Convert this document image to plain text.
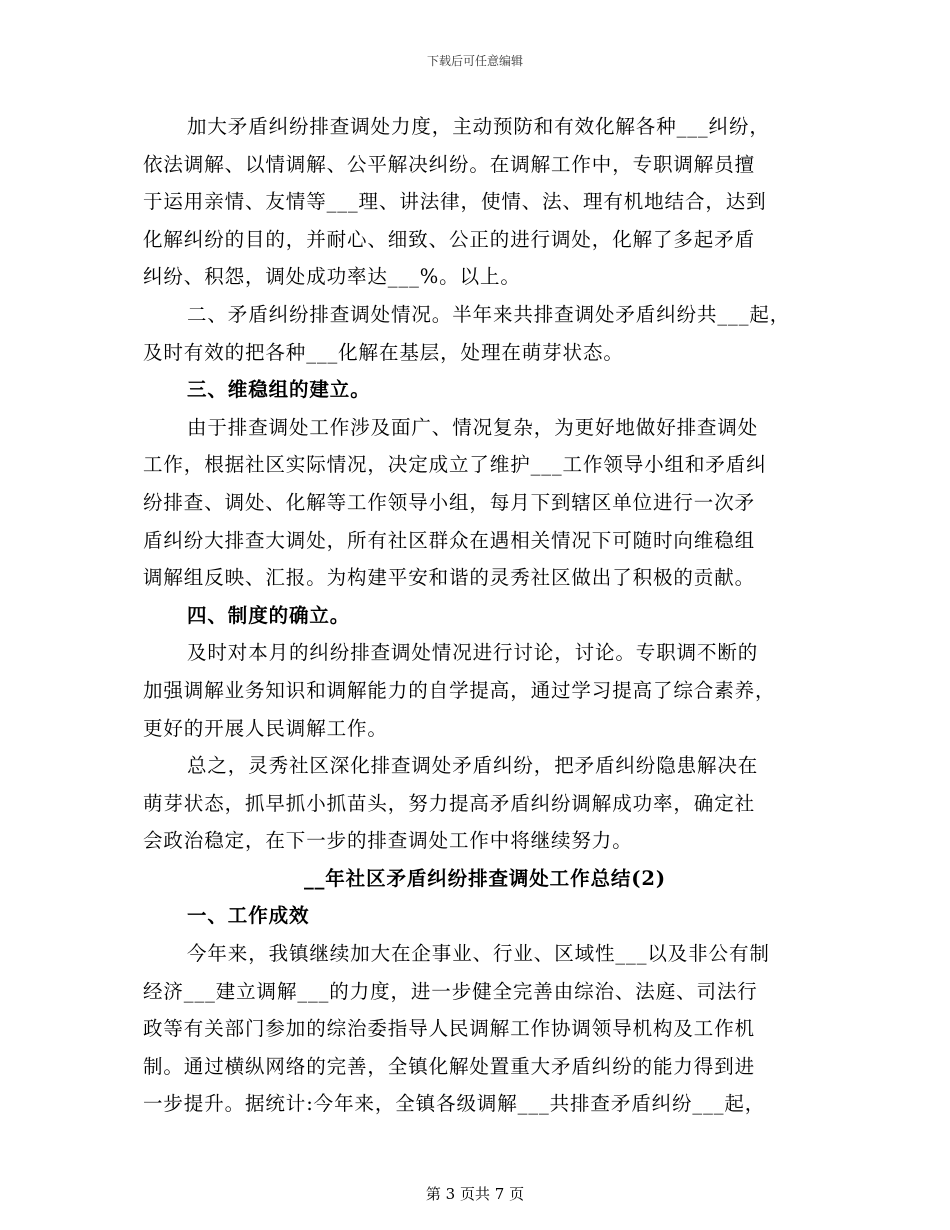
下载后可任意编辑
加大矛盾纠纷排查调处力度，主动预防和有效化解各种___纠纷，
依法调解、以情调解、公平解决纠纷。在调解工作中，专职调解员擅
于运用亲情、友情等___理、讲法律，使情、法、理有机地结合，达到
化解纠纷的目的，并耐心、细致、公正的进行调处，化解了多起矛盾
纠纷、积怨，调处成功率达___%。以上。
二、矛盾纠纷排查调处情况。半年来共排查调处矛盾纠纷共___起，
及时有效的把各种___化解在基层，处理在萌芽状态。
三、维稳组的建立。
由于排查调处工作涉及面广、情况复杂，为更好地做好排查调处
工作，根据社区实际情况，决定成立了维护___工作领导小组和矛盾纠
纷排查、调处、化解等工作领导小组，每月下到辖区单位进行一次矛
盾纠纷大排查大调处，所有社区群众在遇相关情况下可随时向维稳组
调解组反映、汇报。为构建平安和谐的灵秀社区做出了积极的贡献。
四、制度的确立。
及时对本月的纠纷排查调处情况进行讨论，讨论。专职调不断的
加强调解业务知识和调解能力的自学提高，通过学习提高了综合素养，
更好的开展人民调解工作。
总之，灵秀社区深化排查调处矛盾纠纷，把矛盾纠纷隐患解决在
萌芽状态，抓早抓小抓苗头，努力提高矛盾纠纷调解成功率，确定社
会政治稳定，在下一步的排查调处工作中将继续努力。
__年社区矛盾纠纷排查调处工作总结(2)
一、工作成效
今年来，我镇继续加大在企事业、行业、区域性___以及非公有制
经济___建立调解___的力度，进一步健全完善由综治、法庭、司法行
政等有关部门参加的综治委指导人民调解工作协调领导机构及工作机
制。通过横纵网络的完善，全镇化解处置重大矛盾纠纷的能力得到进
一步提升。据统计:今年来，全镇各级调解___共排查矛盾纠纷___起，
第 3 页共 7 页
